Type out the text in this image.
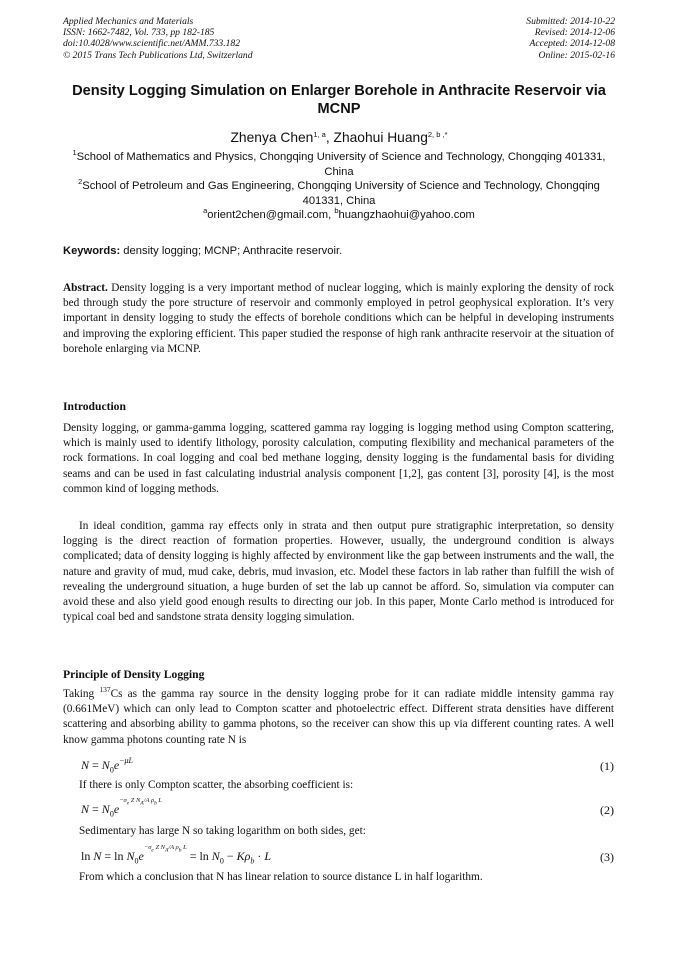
Applied Mechanics and Materials
ISSN: 1662-7482, Vol. 733, pp 182-185
doi:10.4028/www.scientific.net/AMM.733.182
© 2015 Trans Tech Publications Ltd, Switzerland
Submitted: 2014-10-22
Revised: 2014-12-06
Accepted: 2014-12-08
Online: 2015-02-16
Density Logging Simulation on Enlarger Borehole in Anthracite Reservoir via MCNP
Zhenya Chen$^{1, a}$, Zhaohui Huang$^{2, b ,*}$
$^1$School of Mathematics and Physics, Chongqing University of Science and Technology, Chongqing 401331, China
$^2$School of Petroleum and Gas Engineering, Chongqing University of Science and Technology, Chongqing 401331, China
$^a$orient2chen@gmail.com, $^b$huangzhaohui@yahoo.com
Keywords: density logging; MCNP; Anthracite reservoir.
Abstract. Density logging is a very important method of nuclear logging, which is mainly exploring the density of rock bed through study the pore structure of reservoir and commonly employed in petrol geophysical exploration. It’s very important in density logging to study the effects of borehole conditions which can be helpful in developing instruments and improving the exploring efficient. This paper studied the response of high rank anthracite reservoir at the situation of borehole enlarging via MCNP.
Introduction
Density logging, or gamma-gamma logging, scattered gamma ray logging is logging method using Compton scattering, which is mainly used to identify lithology, porosity calculation, computing flexibility and mechanical parameters of the rock formations. In coal logging and coal bed methane logging, density logging is the fundamental basis for dividing seams and can be used in fast calculating industrial analysis component [1,2], gas content [3], porosity [4], is the most common kind of logging methods.
In ideal condition, gamma ray effects only in strata and then output pure stratigraphic interpretation, so density logging is the direct reaction of formation properties. However, usually, the underground condition is always complicated; data of density logging is highly affected by environment like the gap between instruments and the wall, the nature and gravity of mud, mud cake, debris, mud invasion, etc. Model these factors in lab rather than fulfill the wish of revealing the underground situation, a huge burden of set the lab up cannot be afford. So, simulation via computer can avoid these and also yield good enough results to directing our job. In this paper, Monte Carlo method is introduced for typical coal bed and sandstone strata density logging simulation.
Principle of Density Logging
Taking $^{137}$Cs as the gamma ray source in the density logging probe for it can radiate middle intensity gamma ray (0.661MeV) which can only lead to Compton scatter and photoelectric effect. Different strata densities have different scattering and absorbing ability to gamma photons, so the receiver can show this up via different counting rates. A well know gamma photons counting rate N is
$N = N_0e^{-\mu L}$	(1)
If there is only Compton scatter, the absorbing coefficient is:
$N = N_0e^{-\sigma_e Z N_A/A \rho_b L}$
(2)
Sedimentary has large N so taking logarithm on both sides, get:
$\ln N = \ln N_0e^{-\sigma_e Z N_A/A \rho_b L} = \ln N_0 - K\rho_b \cdot L$	(3)
From which a conclusion that N has linear relation to source distance L in half logarithm.
